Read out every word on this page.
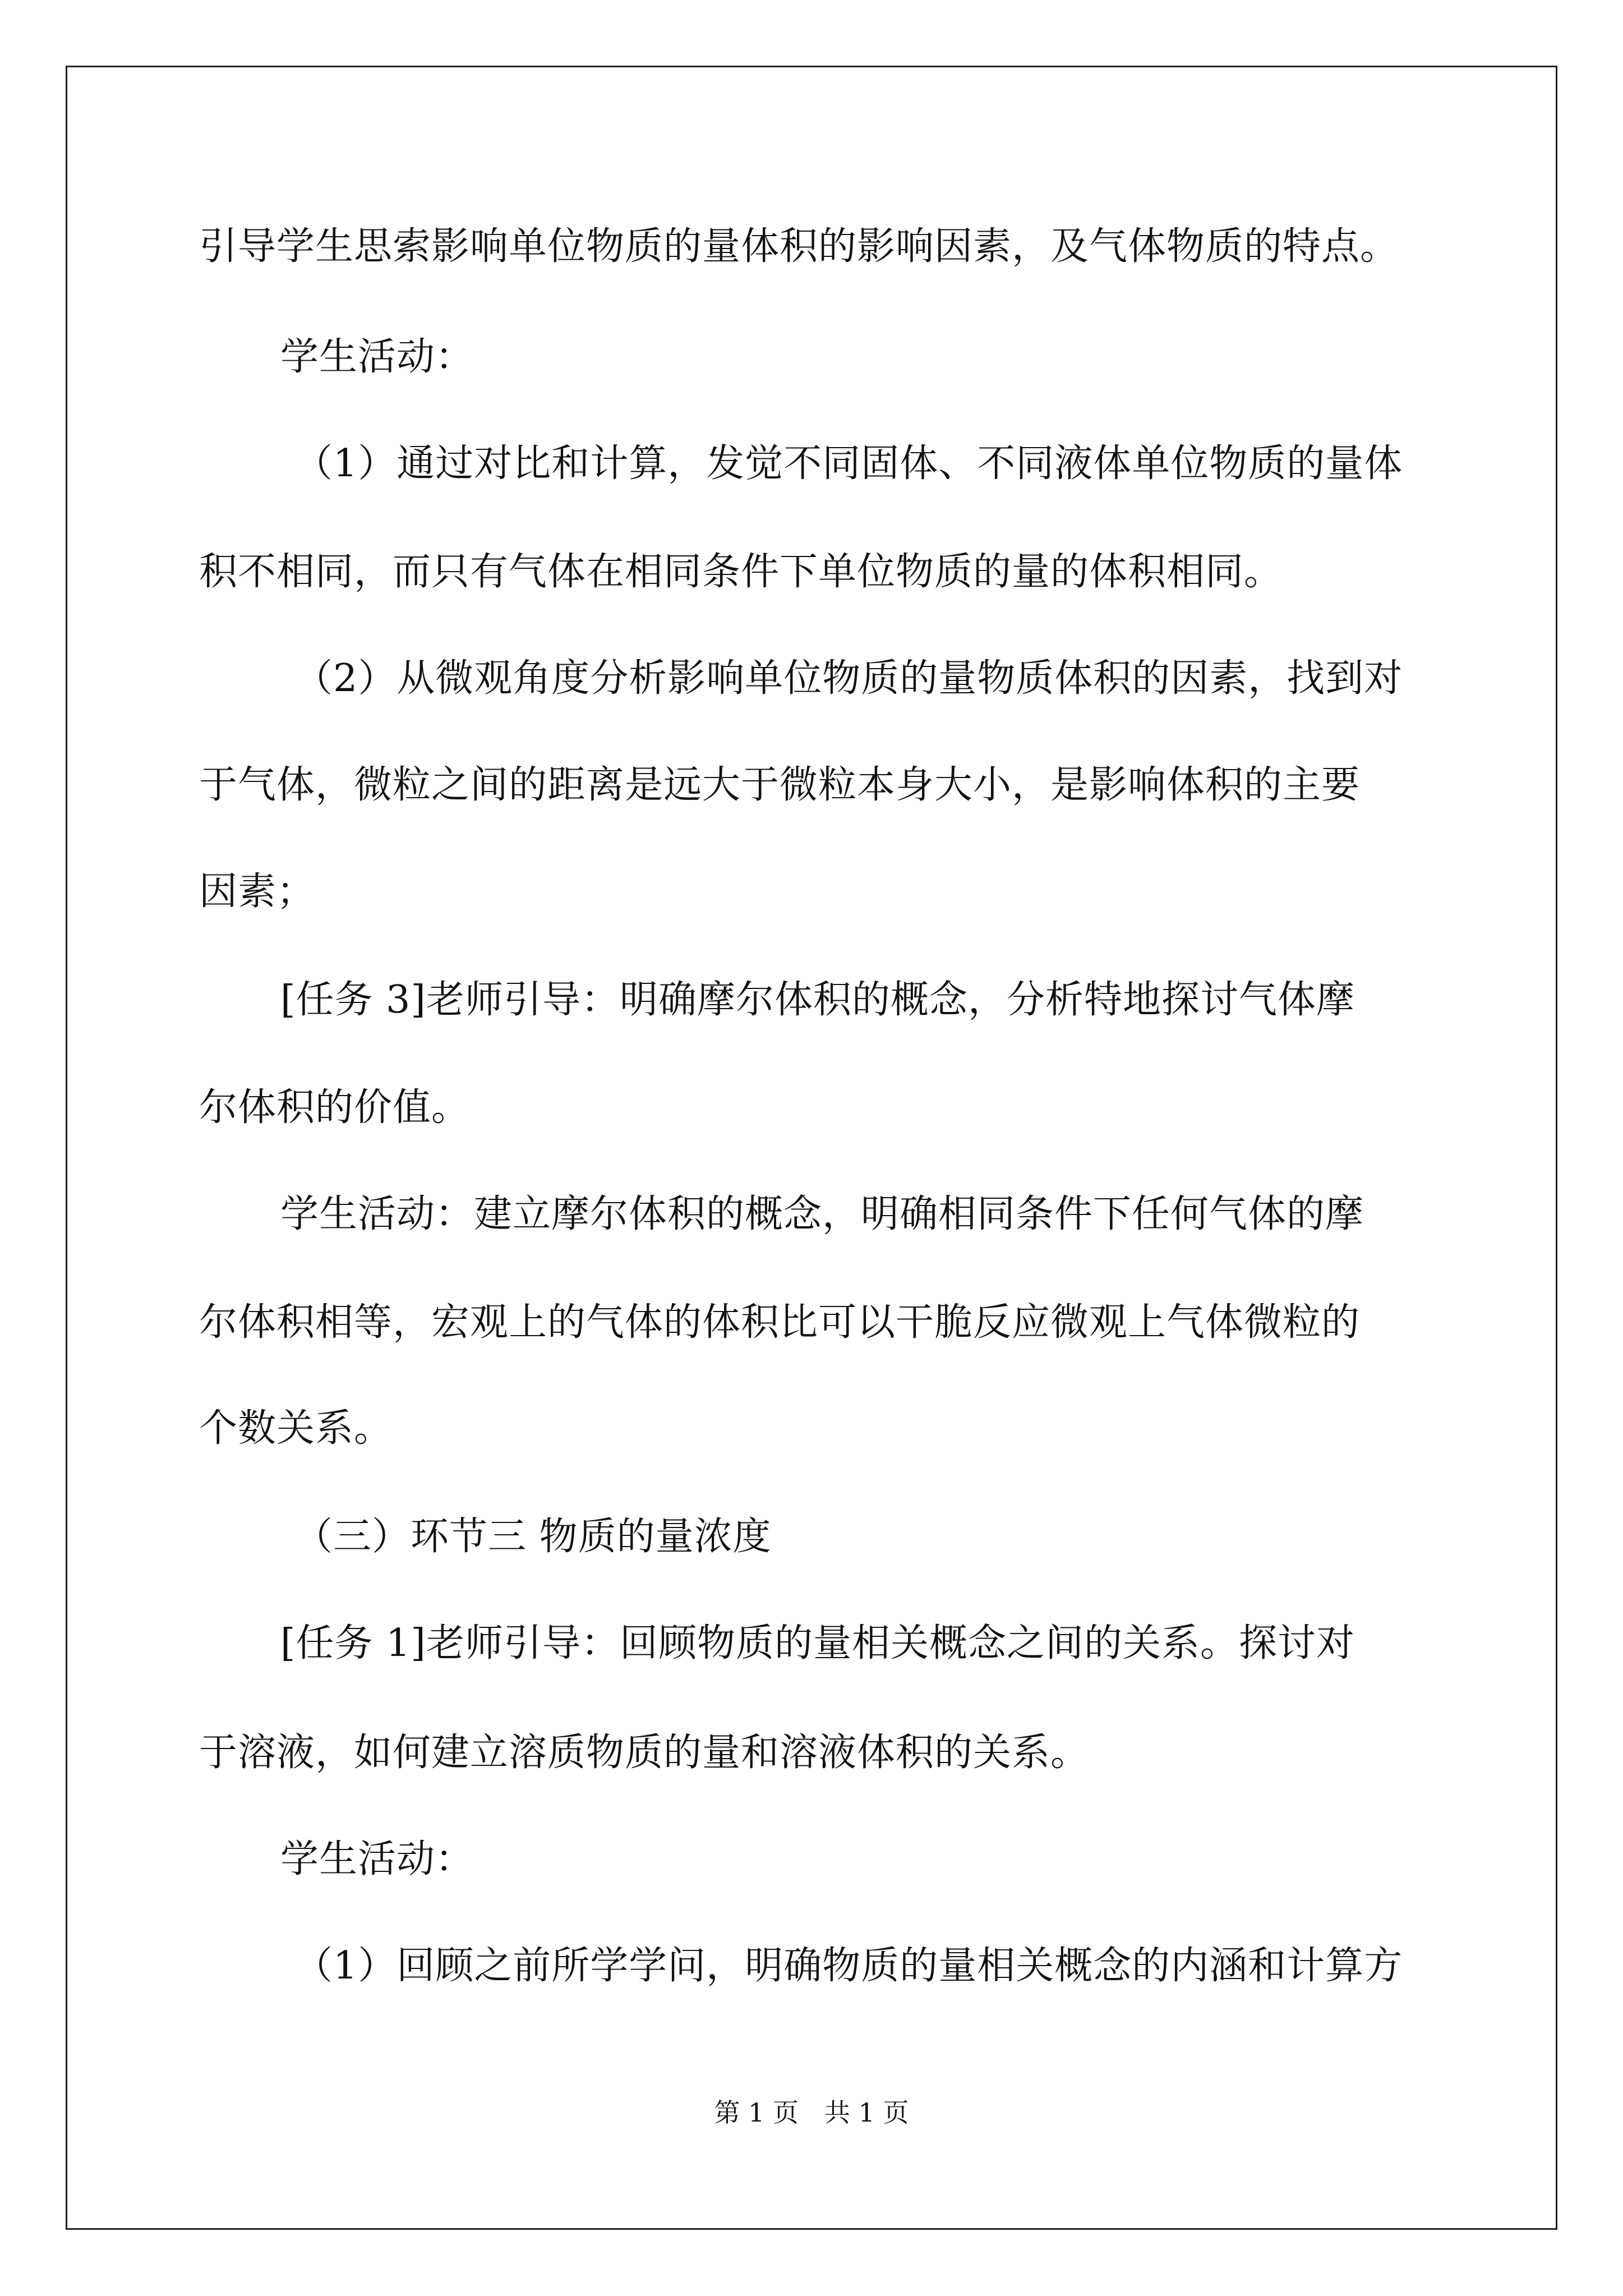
引导学生思索影响单位物质的量体积的影响因素，及气体物质的特点。
学生活动：
（1）通过对比和计算，发觉不同固体、不同液体单位物质的量体
积不相同，而只有气体在相同条件下单位物质的量的体积相同。
（2）从微观角度分析影响单位物质的量物质体积的因素，找到对
于气体，微粒之间的距离是远大于微粒本身大小，是影响体积的主要
因素；
[任务 3]老师引导：明确摩尔体积的概念，分析特地探讨气体摩
尔体积的价值。
学生活动：建立摩尔体积的概念，明确相同条件下任何气体的摩
尔体积相等，宏观上的气体的体积比可以干脆反应微观上气体微粒的
个数关系。
（三）环节三 物质的量浓度
[任务 1]老师引导：回顾物质的量相关概念之间的关系。探讨对
于溶液，如何建立溶质物质的量和溶液体积的关系。
学生活动：
（1）回顾之前所学学问，明确物质的量相关概念的内涵和计算方
第 1 页　共 1 页
